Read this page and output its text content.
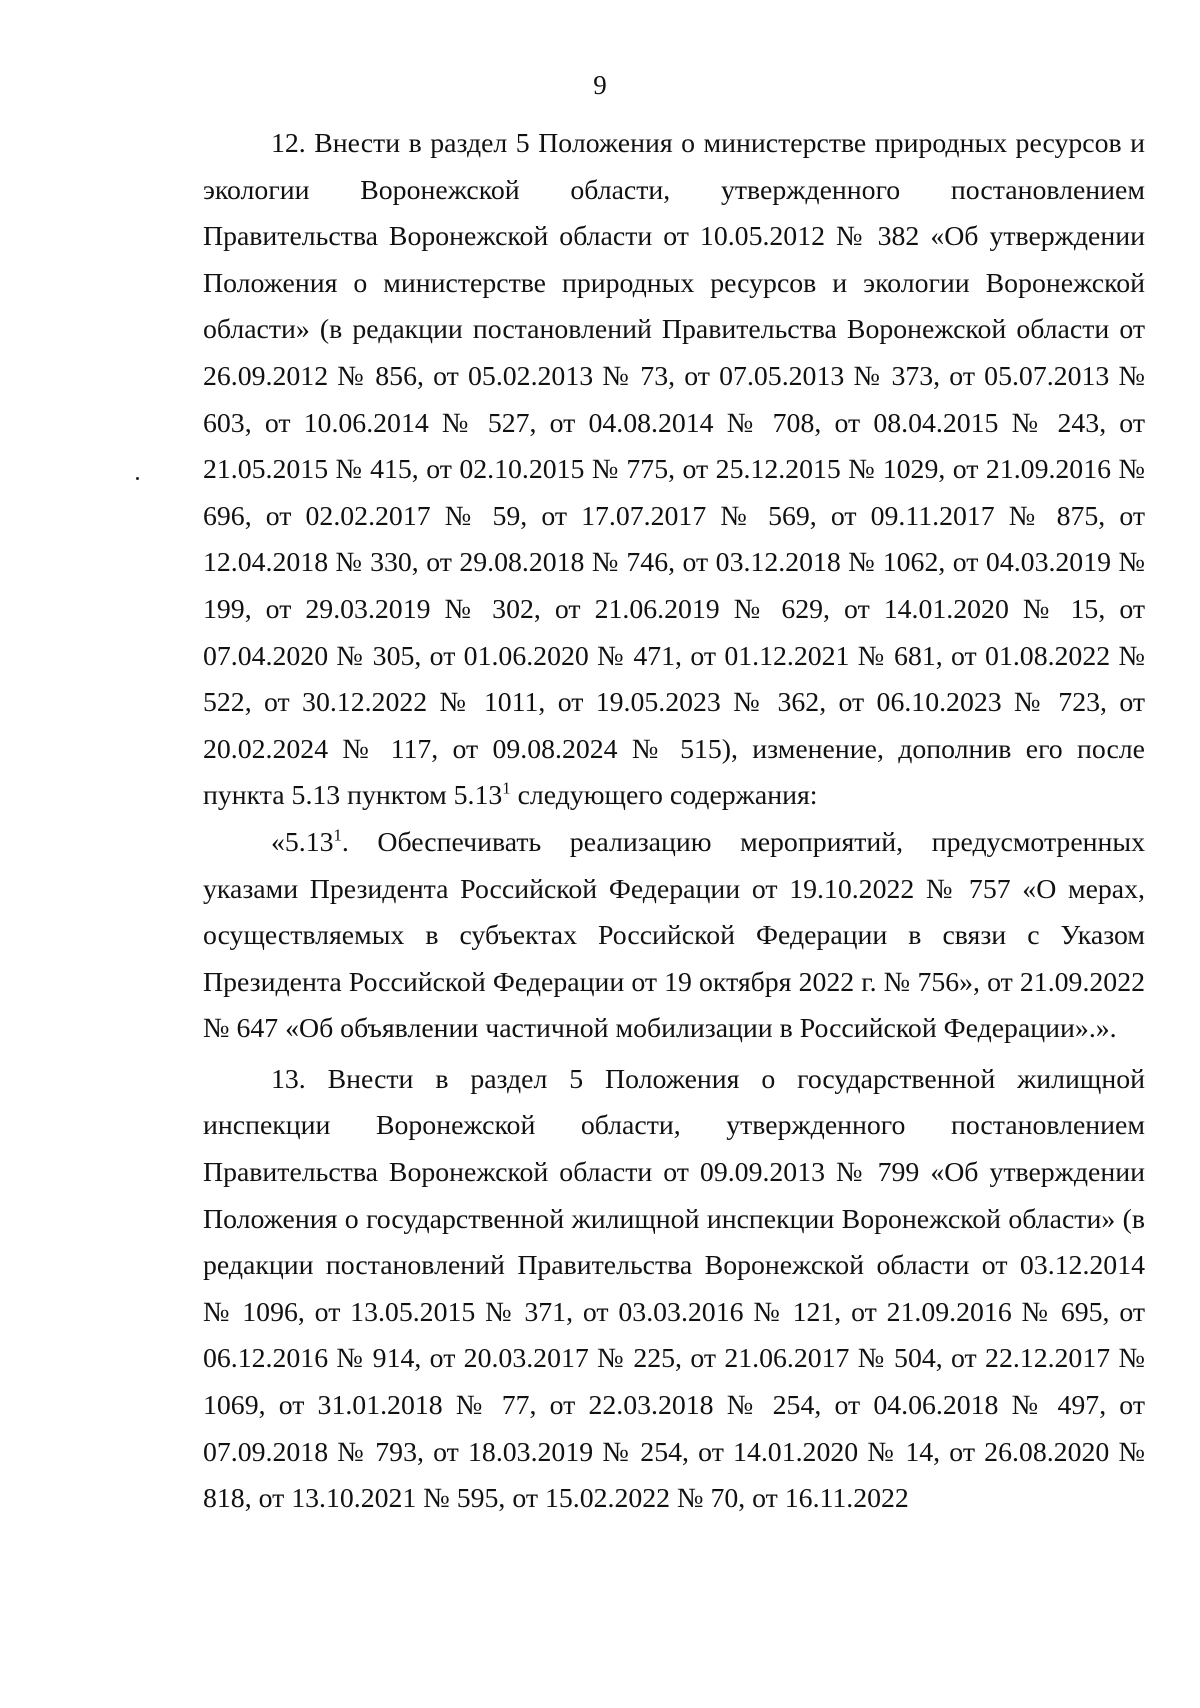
9

12. Внести в раздел 5 Положения о министерстве природных ресурсов и экологии Воронежской области, утвержденного постановлением Правительства Воронежской области от 10.05.2012 № 382 «Об утверждении Положения о министерстве природных ресурсов и экологии Воронежской области» (в редакции постановлений Правительства Воронежской области от 26.09.2012 № 856, от 05.02.2013 № 73, от 07.05.2013 № 373, от 05.07.2013 № 603, от 10.06.2014 № 527, от 04.08.2014 № 708, от 08.04.2015 № 243, от 21.05.2015 № 415, от 02.10.2015 № 775, от 25.12.2015 № 1029, от 21.09.2016 № 696, от 02.02.2017 № 59, от 17.07.2017 № 569, от 09.11.2017 № 875, от 12.04.2018 № 330, от 29.08.2018 № 746, от 03.12.2018 № 1062, от 04.03.2019 № 199, от 29.03.2019 № 302, от 21.06.2019 № 629, от 14.01.2020 № 15, от 07.04.2020 № 305, от 01.06.2020 № 471, от 01.12.2021 № 681, от 01.08.2022 № 522, от 30.12.2022 № 1011, от 19.05.2023 № 362, от 06.10.2023 № 723, от 20.02.2024 № 117, от 09.08.2024 № 515), изменение, дополнив его после пункта 5.13 пунктом 5.13$^1$ следующего содержания:

«5.13$^1$. Обеспечивать реализацию мероприятий, предусмотренных указами Президента Российской Федерации от 19.10.2022 № 757 «О мерах, осуществляемых в субъектах Российской Федерации в связи с Указом Президента Российской Федерации от 19 октября 2022 г. № 756», от 21.09.2022 № 647 «Об объявлении частичной мобилизации в Российской Федерации».».

13. Внести в раздел 5 Положения о государственной жилищной инспекции Воронежской области, утвержденного постановлением Правительства Воронежской области от 09.09.2013 № 799 «Об утверждении Положения о государственной жилищной инспекции Воронежской области» (в редакции постановлений Правительства Воронежской области от 03.12.2014 № 1096, от 13.05.2015 № 371, от 03.03.2016 № 121, от 21.09.2016 № 695, от 06.12.2016 № 914, от 20.03.2017 № 225, от 21.06.2017 № 504, от 22.12.2017 № 1069, от 31.01.2018 № 77, от 22.03.2018 № 254, от 04.06.2018 № 497, от 07.09.2018 № 793, от 18.03.2019 № 254, от 14.01.2020 № 14, от 26.08.2020 № 818, от 13.10.2021 № 595, от 15.02.2022 № 70, от 16.11.2022
